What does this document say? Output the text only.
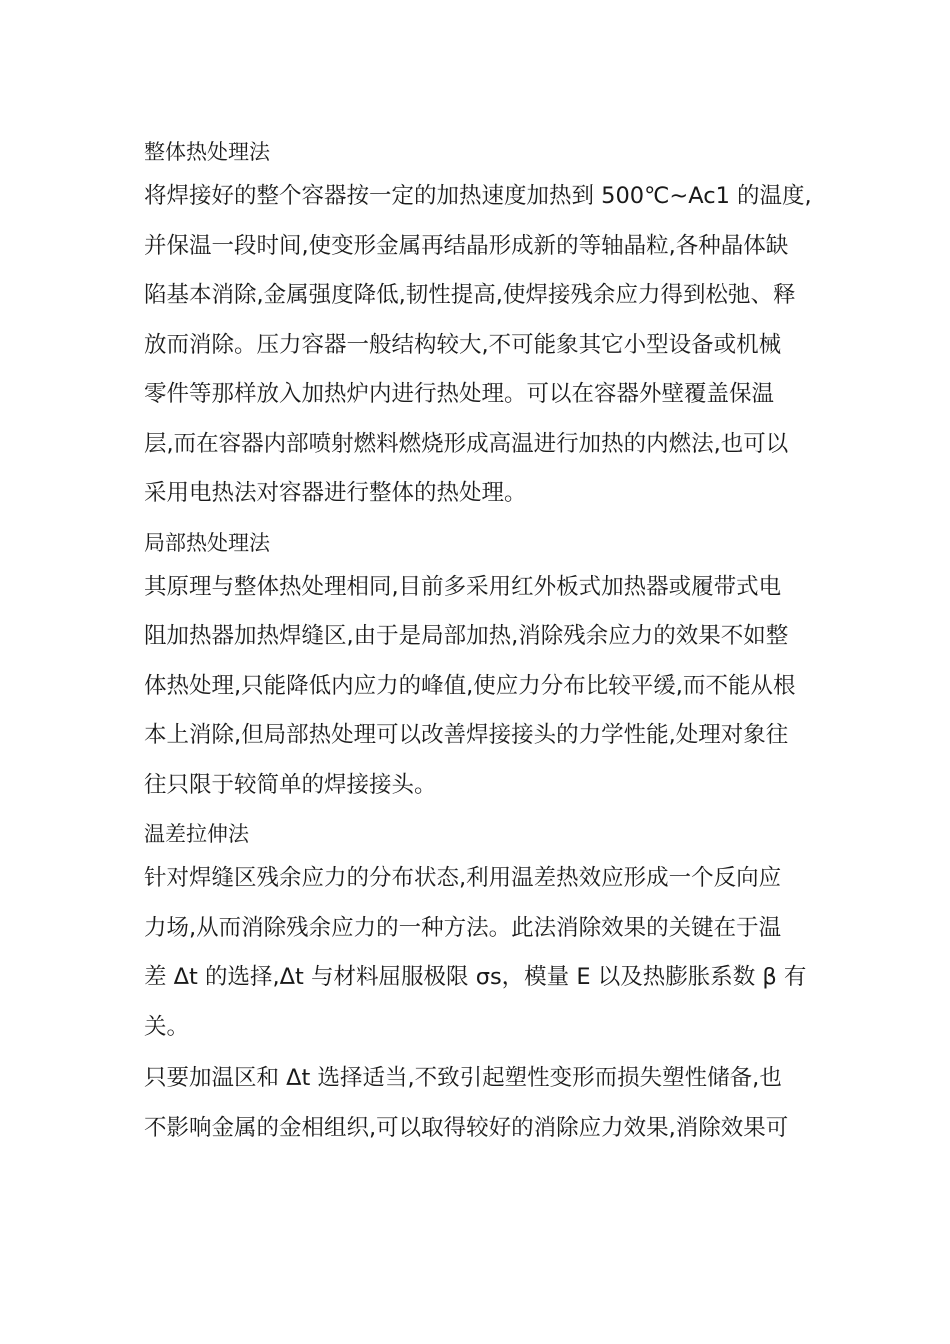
整体热处理法
将焊接好的整个容器按一定的加热速度加热到 500℃~Ac1 的温度,
并保温一段时间,使变形金属再结晶形成新的等轴晶粒,各种晶体缺
陷基本消除,金属强度降低,韧性提高,使焊接残余应力得到松弛、释
放而消除。压力容器一般结构较大,不可能象其它小型设备或机械
零件等那样放入加热炉内进行热处理。可以在容器外壁覆盖保温
层,而在容器内部喷射燃料燃烧形成高温进行加热的内燃法,也可以
采用电热法对容器进行整体的热处理。
局部热处理法
其原理与整体热处理相同,目前多采用红外板式加热器或履带式电
阻加热器加热焊缝区,由于是局部加热,消除残余应力的效果不如整
体热处理,只能降低内应力的峰值,使应力分布比较平缓,而不能从根
本上消除,但局部热处理可以改善焊接接头的力学性能,处理对象往
往只限于较简单的焊接接头。
温差拉伸法
针对焊缝区残余应力的分布状态,利用温差热效应形成一个反向应
力场,从而消除残余应力的一种方法。此法消除效果的关键在于温
差 Δt 的选择,Δt 与材料屈服极限 σs，模量 E 以及热膨胀系数 β 有
关。
只要加温区和 Δt 选择适当,不致引起塑性变形而损失塑性储备,也
不影响金属的金相组织,可以取得较好的消除应力效果,消除效果可
